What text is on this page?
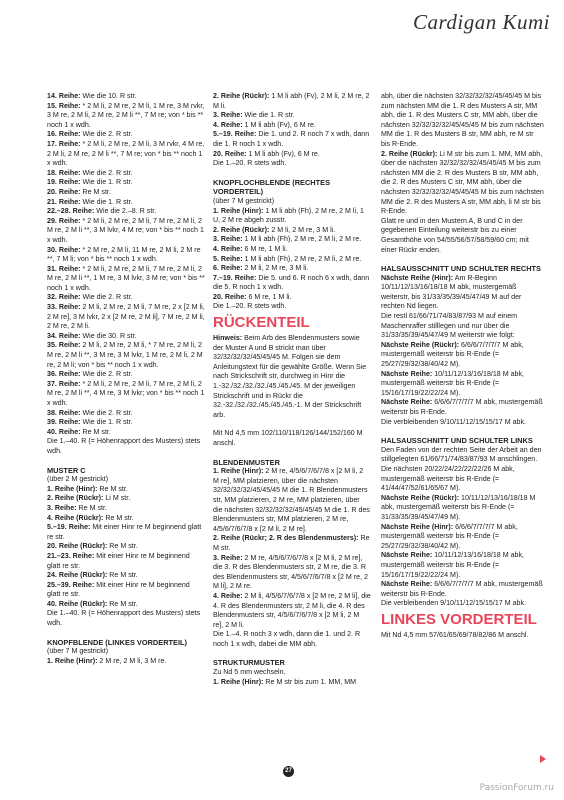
Cardigan Kumi

14. Reihe: Wie die 10. R str.

15. Reihe: * 2 M li, 2 M re, 2 M li, 1 M re, 3 M rvkr, 3 M re, 2 M li, 2 M re, 2 M li **, 7 M re; von * bis ** noch 1 x wdh.

16. Reihe: Wie die 2. R str.

17. Reihe: * 2 M li, 2 M re, 2 M li, 3 M rvkr, 4 M re, 2 M li, 2 M re, 2 M li **, 7 M re; von * bis ** noch 1 x wdh.

18. Reihe: Wie die 2. R str.

19. Reihe: Wie die 1. R str.

20. Reihe: Re M str.

21. Reihe: Wie die 1. R str.

22.–28. Reihe: Wie die 2.–8. R str.

29. Reihe: * 2 M li, 2 M re, 2 M li, 7 M re, 2 M li, 2 M re, 2 M li **, 3 M lvkr, 4 M re; von * bis ** noch 1 x wdh.

30. Reihe: * 2 M re, 2 M li, 11 M re, 2 M li, 2 M re **, 7 M li; von * bis ** noch 1 x wdh.

31. Reihe: * 2 M li, 2 M re, 2 M li, 7 M re, 2 M li, 2 M re, 2 M li **, 1 M re, 3 M lvkr, 3 M re; von * bis ** noch 1 x wdh.

32. Reihe: Wie die 2. R str.

33. Reihe: 2 M li, 2 M re, 2 M li, 7 M re, 2 x [2 M li, 2 M re], 3 M lvkr, 2 x [2 M re, 2 M li], 7 M re, 2 M li, 2 M re, 2 M li.

34. Reihe: Wie die 30. R str.

35. Reihe: 2 M li, 2 M re, 2 M li, * 7 M re, 2 M li, 2 M re, 2 M li **, 3 M re, 3 M lvkr, 1 M re, 2 M li, 2 M re, 2 M li; von * bis ** noch 1 x wdh.

36. Reihe: Wie die 2. R str.

37. Reihe: * 2 M li, 2 M re, 2 M li, 7 M re, 2 M li, 2 M re, 2 M li **, 4 M re, 3 M lvkr; von * bis ** noch 1 x wdh.

38. Reihe: Wie die 2. R str.

39. Reihe: Wie die 1. R str.

40. Reihe: Re M str.

Die 1.–40. R (= Höhenrapport des Musters) stets wdh.

MUSTER C

(über 2 M gestrickt)

1. Reihe (Hinr): Re M str.

2. Reihe (Rückr): Li M str.

3. Reihe: Re M str.

4. Reihe (Rückr): Re M str.

5.–19. Reihe: Mit einer Hinr re M beginnend glatt re str.

20. Reihe (Rückr): Re M str.

21.–23. Reihe: Mit einer Hinr re M beginnend glatt re str.

24. Reihe (Rückr): Re M str.

25.–39. Reihe: Mit einer Hinr re M beginnend glatt re str.

40. Reihe (Rückr): Re M str.

Die 1.–40. R (= Höhenrapport des Musters) stets wdh.

KNOPFBLENDE (LINKES VORDERTEIL)

(über 7 M gestrickt)

1. Reihe (Hinr): 2 M re, 2 M li, 3 M re.

2. Reihe (Rückr): 1 M li abh (Fv), 2 M li, 2 M re, 2 M li.

3. Reihe: Wie die 1. R str.

4. Reihe: 1 M li abh (Fv), 6 M re.

5.–19. Reihe: Die 1. und 2. R noch 7 x wdh, dann die 1. R noch 1 x wdh.

20. Reihe: 1 M li abh (Fv), 6 M re.

Die 1.–20. R stets wdh.

KNOPFLOCHBLENDE (RECHTES VORDERTEIL)

(über 7 M gestrickt)

1. Reihe (Hinr): 1 M li abh (Fh), 2 M re, 2 M li, 1 U, 2 M re abgeh zusstr.

2. Reihe (Rückr): 2 M li, 2 M re, 3 M li.

3. Reihe: 1 M li abh (Fh), 2 M re, 2 M li, 2 M re.

4. Reihe: 6 M re, 1 M li.

5. Reihe: 1 M li abh (Fh), 2 M re, 2 M li, 2 M re.

6. Reihe: 2 M li, 2 M re, 3 M li.

7.–19. Reihe: Die 5. und 6. R noch 6 x wdh, dann die 5. R noch 1 x wdh.

20. Reihe: 6 M re, 1 M li.

Die 1.–20. R stets wdh.

RÜCKENTEIL

Hinweis: Beim Arb des Blendenmusters sowie der Muster A und B strickt man über 32/32/32/32/45/45/45 M. Folgen sie dem Anleitungstext für die gewählte Größe. Wenn Sie nach Strickschrift str, durchweg in Hinr die 1.-32./32./32./32./45./45./45. M der jeweiligen Strickschrift und in Rückr die 32.-32./32./32./45./45./45.-1. M der Strickschrift arb.

Mit Nd 4,5 mm 102/110/118/126/144/152/160 M anschl.

BLENDENMUSTER

1. Reihe (Hinr): 2 M re, 4/5/6/7/6/7/8 x [2 M li, 2 M re], MM platzieren, über die nächsten 32/32/32/32/45/45/45 M die 1. R Blendenmusters str, MM platzieren, 2 M re, MM platzieren, über die nächsten 32/32/32/32/45/45/45 M die 1. R des Blendenmusters str, MM platzieren, 2 M re, 4/5/6/7/6/7/8 x [2 M li, 2 M re].

2. Reihe (Rückr; 2. R des Blendenmusters): Re M str.

3. Reihe: 2 M re, 4/5/6/7/6/7/8 x [2 M li, 2 M re], die 3. R des Blendenmusters str, 2 M re, die 3. R des Blendenmusters str, 4/5/6/7/6/7/8 x [2 M re, 2 M li], 2 M re.

4. Reihe: 2 M li, 4/5/6/7/6/7/8 x [2 M re, 2 M li], die 4. R des Blendenmusters str, 2 M li, die 4. R des Blendenmusters str, 4/5/6/7/6/7/8 x [2 M li, 2 M re], 2 M li.

Die 1.–4. R noch 3 x wdh, dann die 1. und 2. R noch 1 x wdh, dabei die MM abh.

STRUKTURMUSTER

Zu Nd 5 mm wechseln.

1. Reihe (Hinr): Re M str bis zum 1. MM, MM

abh, über die nächsten 32/32/32/32/45/45/45 M bis zum nächsten MM die 1. R des Musters A str, MM abh, die 1. R des Musters C str, MM abh, über die nächsten 32/32/32/32/45/45/45 M bis zum nächsten MM die 1. R des Musters B str, MM abh, re M str bis R-Ende.

2. Reihe (Rückr): Li M str bis zum 1. MM, MM abh, über die nächsten 32/32/32/32/45/45/45 M bis zum nächsten MM die 2. R des Musters B str, MM abh, die 2. R des Musters C str, MM abh, über die nächsten 32/32/32/32/45/45/45 M bis zum nächsten MM die 2. R des Musters A str, MM abh, li M str bis R-Ende.

Glatt re und in den Mustern A, B und C in der gegebenen Einteilung weiterstr bis zu einer Gesamthöhe von 54/55/56/57/58/59/60 cm; mit einer Rückr enden.

HALSAUSSCHNITT UND SCHULTER RECHTS

Nächste Reihe (Hinr): Am R-Beginn 10/11/12/13/16/18/18 M abk, mustergemäß weiterstr, bis 31/33/35/39/45/47/49 M auf der rechten Nd liegen.

Die restl 61/66/71/74/83/87/93 M auf einem Maschenraffer stilllegen und nur über die 31/33/35/39/45/47/49 M weiterstr wie folgt:

Nächste Reihe (Rückr): 6/6/6/7/7/7/7 M abk, mustergemäß weiterstr bis R-Ende (= 25/27/29/32/38/40/42 M).

Nächste Reihe: 10/11/12/13/16/18/18 M abk, mustergemäß weiterstr bis R-Ende (= 15/16/17/19/22/22/24 M).

Nächste Reihe: 6/6/6/7/7/7/7 M abk, mustergemäß weiterstr bis R-Ende.

Die verbleibenden 9/10/11/12/15/15/17 M abk.

HALSAUSSCHNITT UND SCHULTER LINKS

Den Faden von der rechten Seite der Arbeit an den stillgelegten 61/66/71/74/83/87/93 M anschlingen. Die nächsten 20/22/24/22/22/22/26 M abk, mustergemäß weiterstr bis R-Ende (= 41/44/47/52/61/65/67 M).

Nächste Reihe (Rückr): 10/11/12/13/16/18/18 M abk, mustergemäß weiterstr bis R-Ende (= 31/33/35/39/45/47/49 M).

Nächste Reihe (Hinr): 6/6/6/7/7/7/7 M abk, mustergemäß weiterstr bis R-Ende (= 25/27/29/32/38/40/42 M).

Nächste Reihe: 10/11/12/13/16/18/18 M abk, mustergemäß weiterstr bis R-Ende (= 15/16/17/19/22/22/24 M).

Nächste Reihe: 6/6/6/7/7/7/7 M abk, mustergemäß weiterstr bis R-Ende.

Die verbleibenden 9/10/11/12/15/15/17 M abk.

LINKES VORDERTEIL

Mit Nd 4,5 mm 57/61/65/69/78/82/86 M anschl.

27
PassionForum.ru
